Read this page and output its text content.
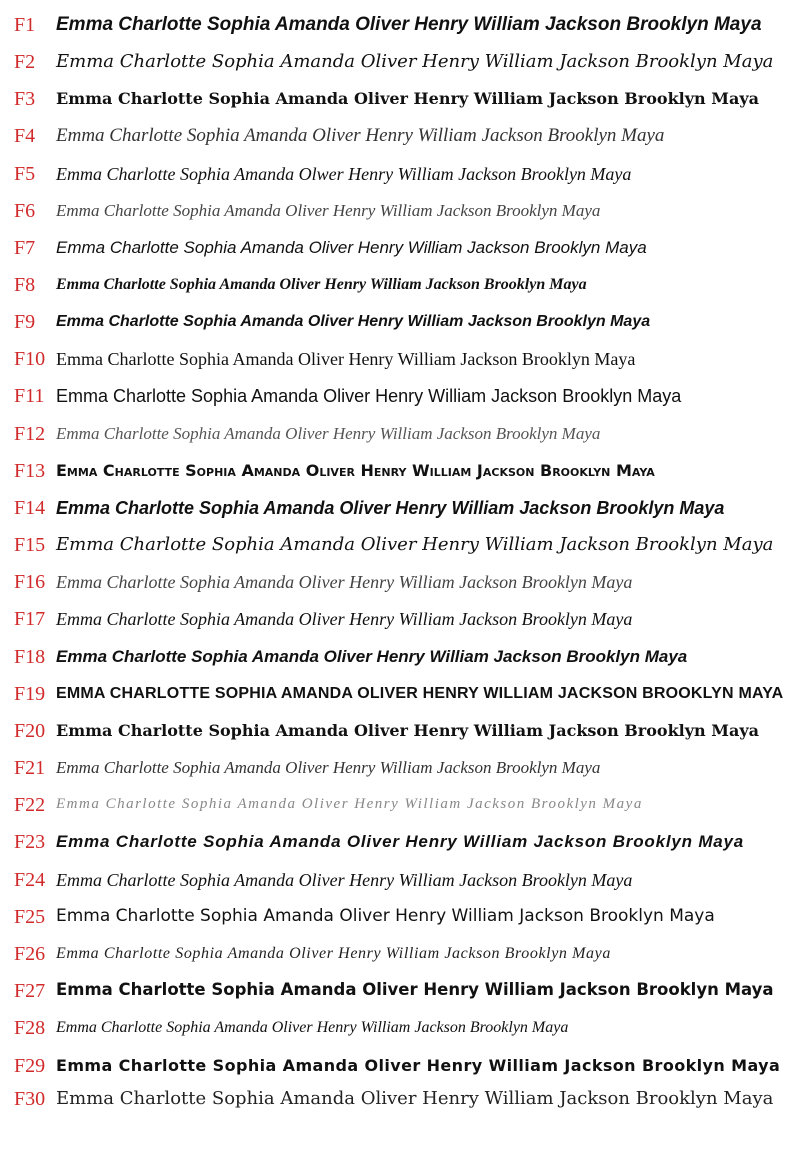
F1 Emma Charlotte Sophia Amanda Oliver Henry William Jackson Brooklyn Maya
F2 Emma Charlotte Sophia Amanda Oliver Henry William Jackson Brooklyn Maya
F3 Emma Charlotte Sophia Amanda Oliver Henry William Jackson Brooklyn Maya
F4 Emma Charlotte Sophia Amanda Oliver Henry William Jackson Brooklyn Maya
F5 Emma Charlotte Sophia Amanda Olwer Henry William Jackson Brooklyn Maya
F6 Emma Charlotte Sophia Amanda Oliver Henry William Jackson Brooklyn Maya
F7 Emma Charlotte Sophia Amanda Oliver Henry William Jackson Brooklyn Maya
F8 Emma Charlotte Sophia Amanda Oliver Henry William Jackson Brooklyn Maya
F9 Emma Charlotte Sophia Amanda Oliver Henry William Jackson Brooklyn Maya
F10 Emma Charlotte Sophia Amanda Oliver Henry William Jackson Brooklyn Maya
F11 Emma Charlotte Sophia Amanda Oliver Henry William Jackson Brooklyn Maya
F12 Emma Charlotte Sophia Amanda Oliver Henry William Jackson Brooklyn Maya
F13 Emma Charlotte Sophia Amanda Oliver Henry William Jackson Brooklyn Maya
F14 Emma Charlotte Sophia Amanda Oliver Henry William Jackson Brooklyn Maya
F15 Emma Charlotte Sophia Amanda Oliver Henry William Jackson Brooklyn Maya
F16 Emma Charlotte Sophia Amanda Oliver Henry William Jackson Brooklyn Maya
F17 Emma Charlotte Sophia Amanda Oliver Henry William Jackson Brooklyn Maya
F18 Emma Charlotte Sophia Amanda Oliver Henry William Jackson Brooklyn Maya
F19 EMMA CHARLOTTE SOPHIA AMANDA OLIVER HENRY WILLIAM JACKSON BROOKLYN MAYA
F20 Emma Charlotte Sophia Amanda Oliver Henry William Jackson Brooklyn Maya
F21 Emma Charlotte Sophia Amanda Oliver Henry William Jackson Brooklyn Maya
F22 Emma Charlotte Sophia Amanda Oliver Henry William Jackson Brooklyn Maya
F23 Emma Charlotte Sophia Amanda Oliver Henry William Jackson Brooklyn Maya
F24 Emma Charlotte Sophia Amanda Oliver Henry William Jackson Brooklyn Maya
F25 Emma Charlotte Sophia Amanda Oliver Henry William Jackson Brooklyn Maya
F26 Emma Charlotte Sophia Amanda Oliver Henry William Jackson Brooklyn Maya
F27 Emma Charlotte Sophia Amanda Oliver Henry William Jackson Brooklyn Maya
F28 Emma Charlotte Sophia Amanda Oliver Henry William Jackson Brooklyn Maya
F29 Emma Charlotte Sophia Amanda Oliver Henry William Jackson Brooklyn Maya
F30 Emma Charlotte Sophia Amanda Oliver Henry William Jackson Brooklyn Maya
